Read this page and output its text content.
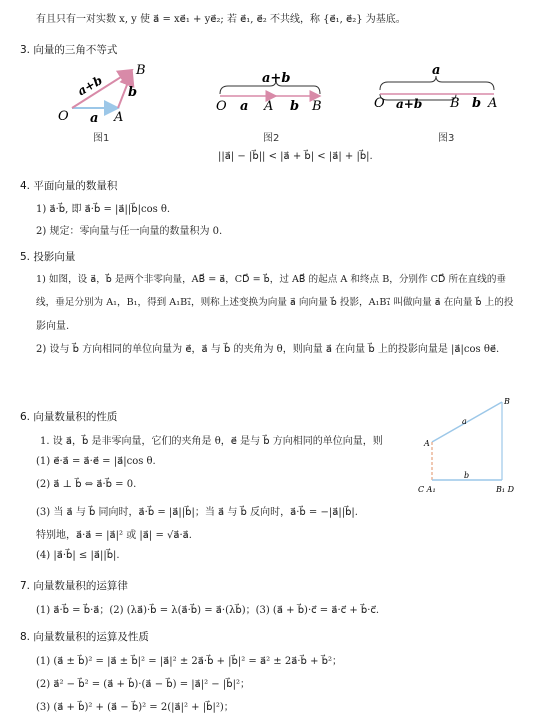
有且只有一对实数 x, y 使 a⃗ = xe⃗₁ + ye⃗₂; 若 e⃗₁, e⃗₂ 不共线，称 {e⃗₁, e⃗₂} 为基底。
3. 向量的三角不等式
O	A
B
a
b
a+b
图1
a+b
O a A b B
图2
a
O a+b B b A
图3
||a⃗| − |b⃗|| < |a⃗ + b⃗| < |a⃗| + |b⃗|.
4. 平面向量的数量积
1) a⃗·b⃗, 即 a⃗·b⃗ = |a⃗||b⃗|cos θ.
2) 规定：零向量与任一向量的数量积为 0.
5. 投影向量
1) 如图，设 a⃗，b⃗ 是两个非零向量，AB⃗ = a⃗，CD⃗ = b⃗，过 AB⃗ 的起点 A 和终点 B，分别作 CD⃗ 所在直线的垂
线，垂足分别为 A₁，B₁，得到 A₁B₁⃗，则称上述变换为向量 a⃗ 向向量 b⃗ 投影，A₁B₁⃗ 叫做向量 a⃗ 在向量 b⃗ 上的投
影向量.
2) 设与 b⃗ 方向相同的单位向量为 e⃗，a⃗ 与 b⃗ 的夹角为 θ，则向量 a⃗ 在向量 b⃗ 上的投影向量是 |a⃗|cos θe⃗.
6. 向量数量积的性质
1. 设 a⃗，b⃗ 是非零向量，它们的夹角是 θ，e⃗ 是与 b⃗ 方向相同的单位向量，则
(1) e⃗·a⃗ = a⃗·e⃗ = |a⃗|cos θ.
(2) a⃗ ⊥ b⃗ ⇔ a⃗·b⃗ = 0.
(3) 当 a⃗ 与 b⃗ 同向时，a⃗·b⃗ = |a⃗||b⃗|；当 a⃗ 与 b⃗ 反向时，a⃗·b⃗ = −|a⃗||b⃗|.
特别地，a⃗·a⃗ = |a⃗|² 或 |a⃗| = √a⃗·a⃗.
(4) |a⃗·b⃗| ≤ |a⃗||b⃗|.
B
a
A
b
C A₁	B₁ D
7. 向量数量积的运算律
(1) a⃗·b⃗ = b⃗·a⃗；(2) (λa⃗)·b⃗ = λ(a⃗·b⃗) = a⃗·(λb⃗)；(3) (a⃗ + b⃗)·c⃗ = a⃗·c⃗ + b⃗·c⃗.
8. 向量数量积的运算及性质
(1) (a⃗ ± b⃗)² = |a⃗ ± b⃗|² = |a⃗|² ± 2a⃗·b⃗ + |b⃗|² = a⃗² ± 2a⃗·b⃗ + b⃗²；
(2) a⃗² − b⃗² = (a⃗ + b⃗)·(a⃗ − b⃗) = |a⃗|² − |b⃗|²；
(3) (a⃗ + b⃗)² + (a⃗ − b⃗)² = 2(|a⃗|² + |b⃗|²)；
